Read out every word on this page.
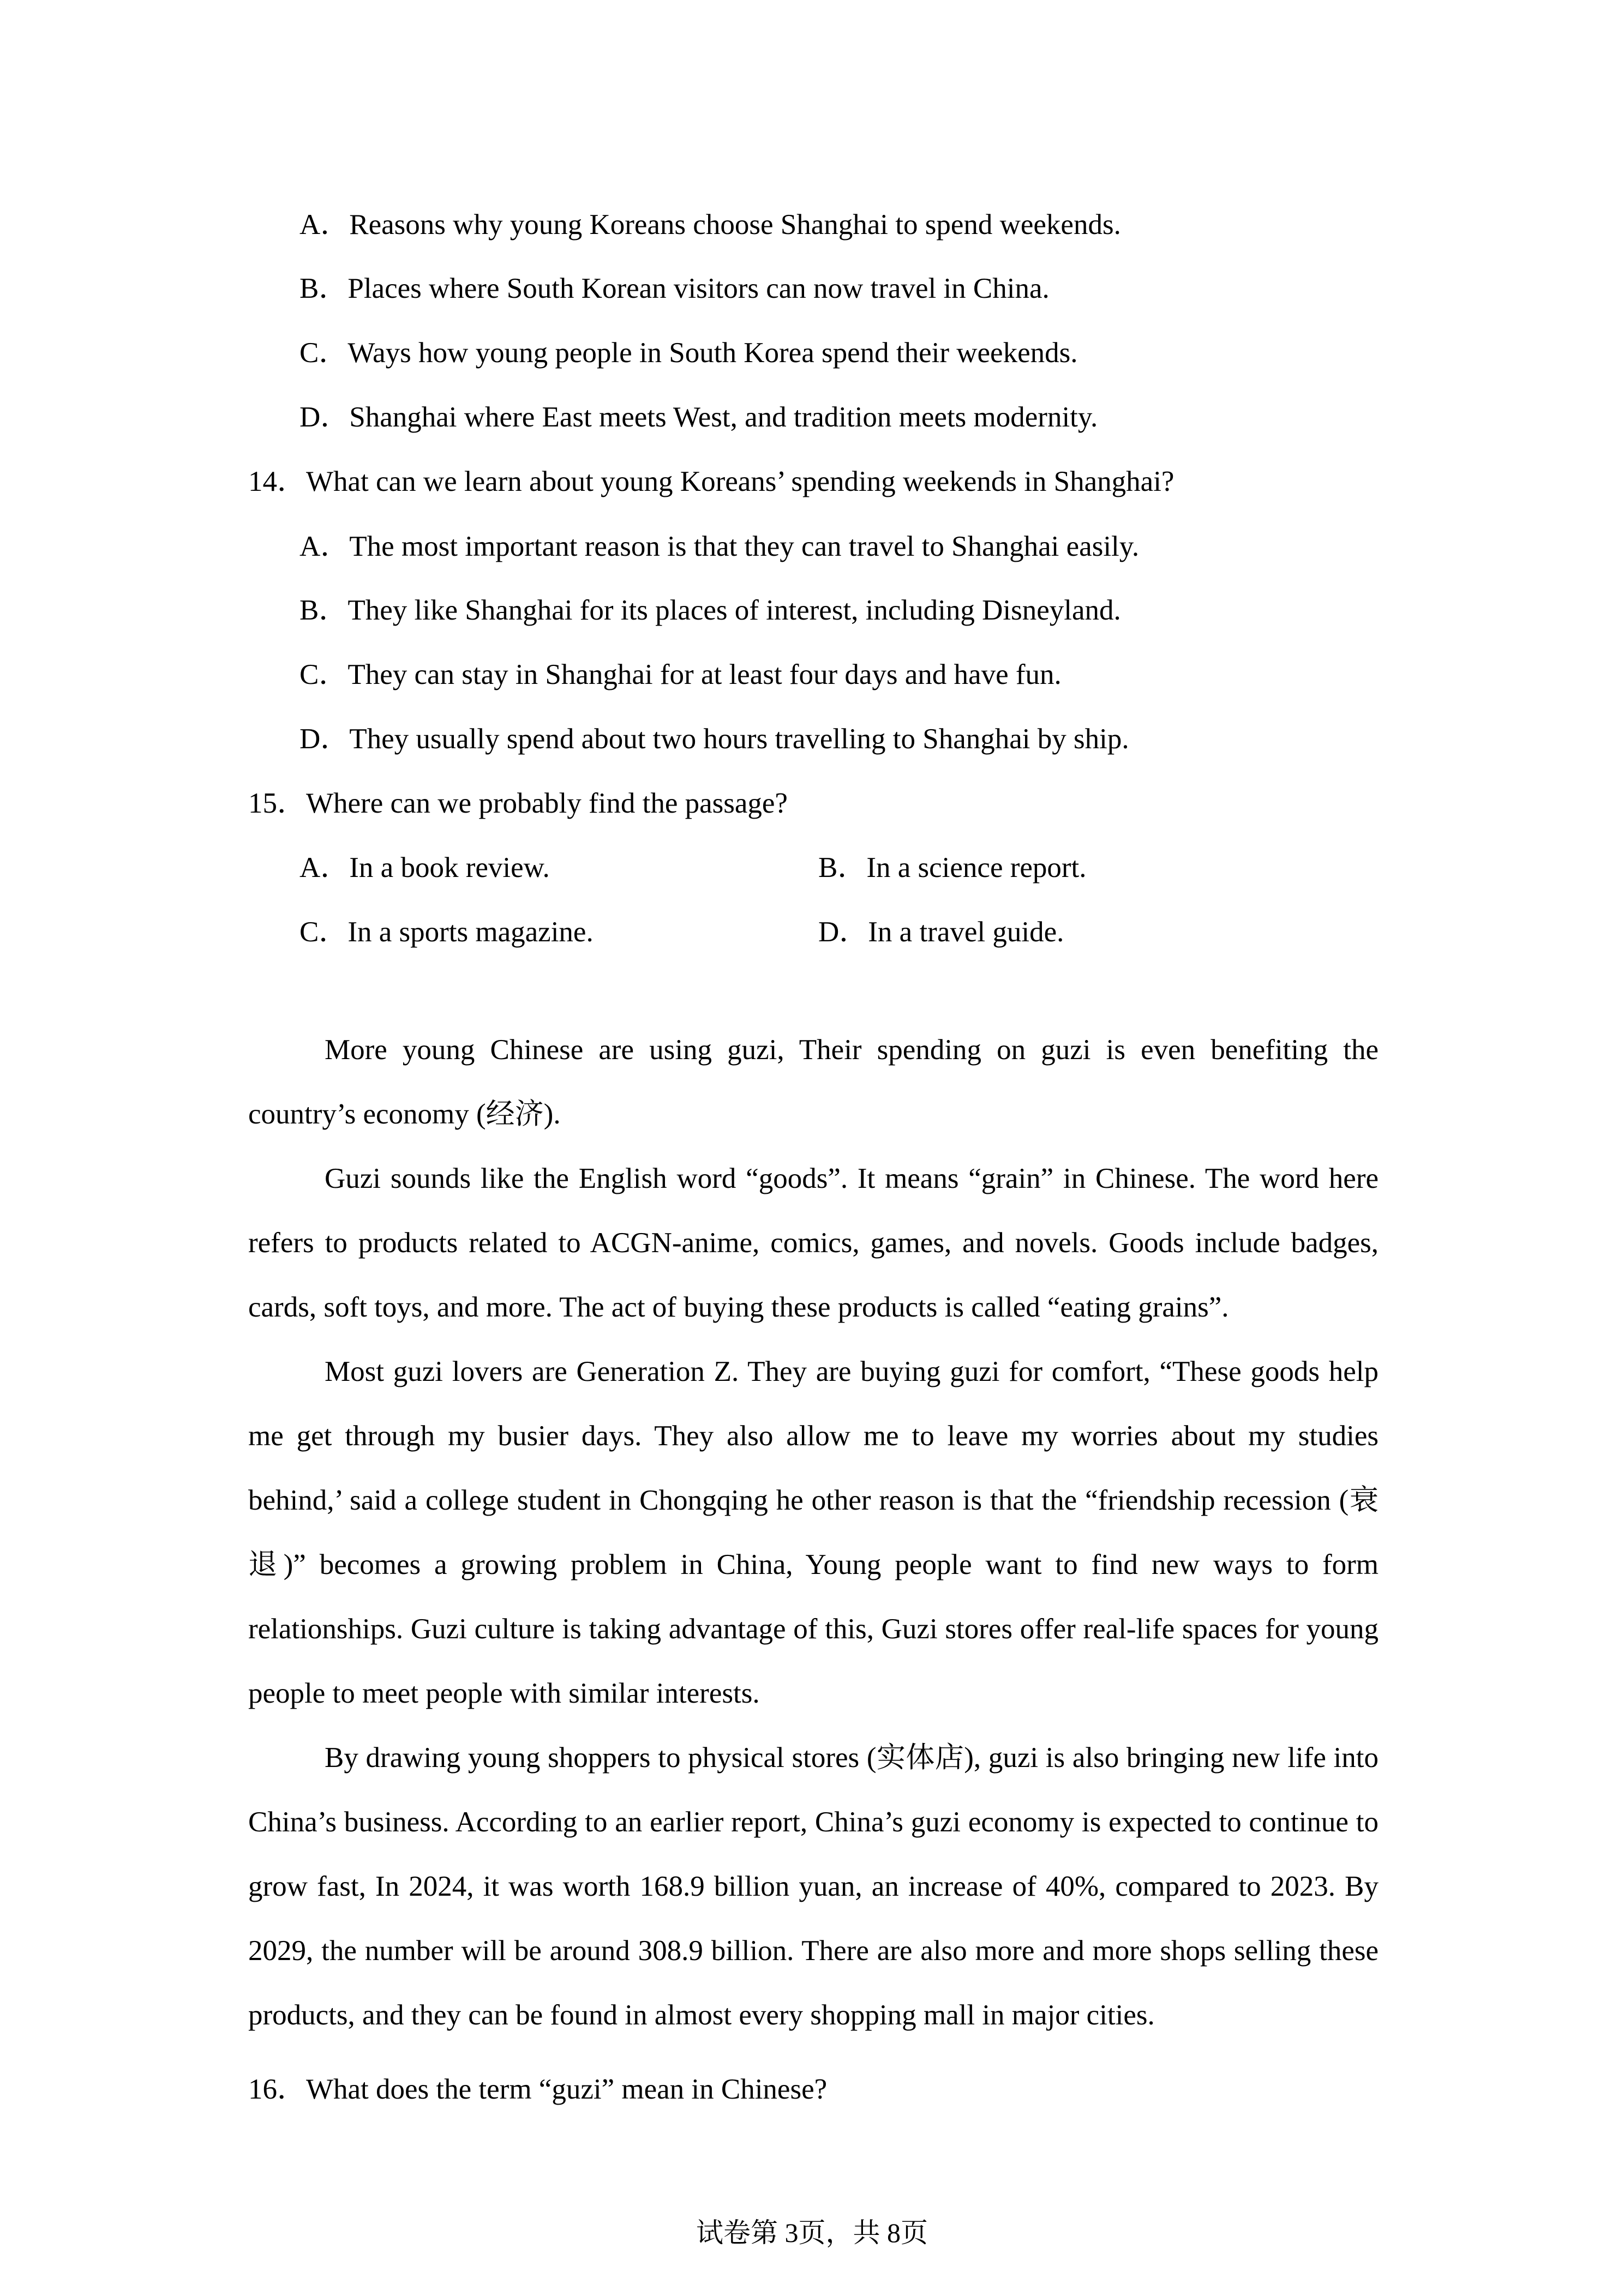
A．Reasons why young Koreans choose Shanghai to spend weekends.
B．Places where South Korean visitors can now travel in China.
C．Ways how young people in South Korea spend their weekends.
D．Shanghai where East meets West, and tradition meets modernity.
14．What can we learn about young Koreans’ spending weekends in Shanghai?
A．The most important reason is that they can travel to Shanghai easily.
B．They like Shanghai for its places of interest, including Disneyland.
C．They can stay in Shanghai for at least four days and have fun.
D．They usually spend about two hours travelling to Shanghai by ship.
15．Where can we probably find the passage?
A．In a book review.	B．In a science report.
C．In a sports magazine.	D．In a travel guide.

More young Chinese are using guzi, Their spending on guzi is even benefiting the country’s economy (经济).

Guzi sounds like the English word “goods”. It means “grain” in Chinese. The word here refers to products related to ACGN-anime, comics, games, and novels. Goods include badges, cards, soft toys, and more. The act of buying these products is called “eating grains”.

Most guzi lovers are Generation Z. They are buying guzi for comfort, “These goods help me get through my busier days. They also allow me to leave my worries about my studies behind,’ said a college student in Chongqing he other reason is that the “friendship recession (衰退)” becomes a growing problem in China, Young people want to find new ways to form relationships. Guzi culture is taking advantage of this, Guzi stores offer real-life spaces for young people to meet people with similar interests.

By drawing young shoppers to physical stores (实体店), guzi is also bringing new life into China’s business. According to an earlier report, China’s guzi economy is expected to continue to grow fast, In 2024, it was worth 168.9 billion yuan, an increase of 40%, compared to 2023. By 2029, the number will be around 308.9 billion. There are also more and more shops selling these products, and they can be found in almost every shopping mall in major cities.

16．What does the term “guzi” mean in Chinese?
试卷第 3页，共 8页
